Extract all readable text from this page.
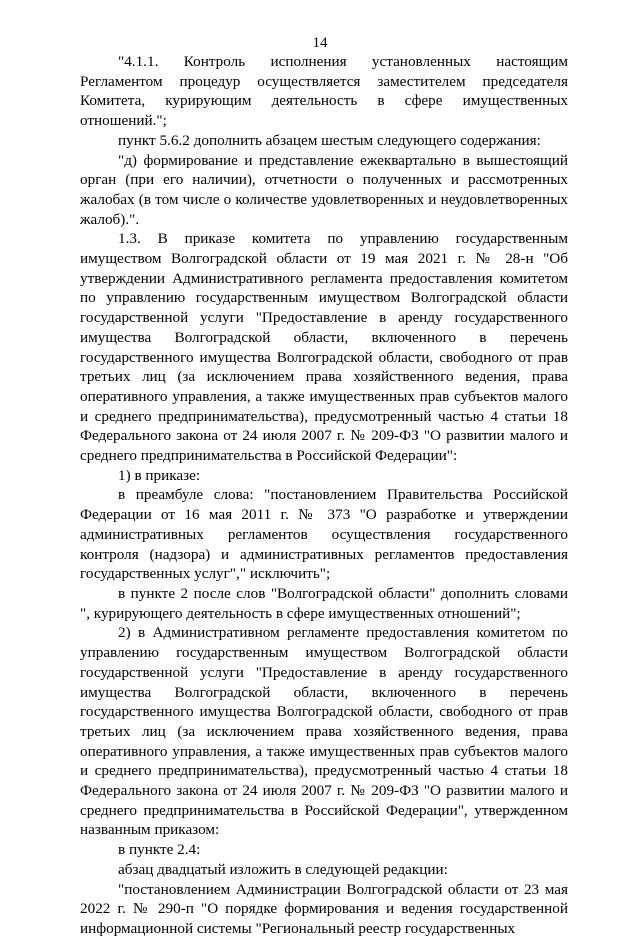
14

"4.1.1. Контроль исполнения установленных настоящим Регламентом процедур осуществляется заместителем председателя Комитета, курирующим деятельность в сфере имущественных отношений.";

пункт 5.6.2 дополнить абзацем шестым следующего содержания:

"д) формирование и представление ежеквартально в вышестоящий орган (при его наличии), отчетности о полученных и рассмотренных жалобах (в том числе о количестве удовлетворенных и неудовлетворенных жалоб).".

1.3. В приказе комитета по управлению государственным имуществом Волгоградской области от 19 мая 2021 г. № 28-н "Об утверждении Административного регламента предоставления комитетом по управлению государственным имуществом Волгоградской области государственной услуги "Предоставление в аренду государственного имущества Волгоградской области, включенного в перечень государственного имущества Волгоградской области, свободного от прав третьих лиц (за исключением права хозяйственного ведения, права оперативного управления, а также имущественных прав субъектов малого и среднего предпринимательства), предусмотренный частью 4 статьи 18 Федерального закона от 24 июля 2007 г. № 209-ФЗ "О развитии малого и среднего предпринимательства в Российской Федерации":

1) в приказе:

в преамбуле слова: "постановлением Правительства Российской Федерации от 16 мая 2011 г. № 373 "О разработке и утверждении административных регламентов осуществления государственного контроля (надзора) и административных регламентов предоставления государственных услуг"," исключить";

в пункте 2 после слов "Волгоградской области" дополнить словами ", курирующего деятельность в сфере имущественных отношений";

2) в Административном регламенте предоставления комитетом по управлению государственным имуществом Волгоградской области государственной услуги "Предоставление в аренду государственного имущества Волгоградской области, включенного в перечень государственного имущества Волгоградской области, свободного от прав третьих лиц (за исключением права хозяйственного ведения, права оперативного управления, а также имущественных прав субъектов малого и среднего предпринимательства), предусмотренный частью 4 статьи 18 Федерального закона от 24 июля 2007 г. № 209-ФЗ "О развитии малого и среднего предпринимательства в Российской Федерации", утвержденном названным приказом:

в пункте 2.4:

абзац двадцатый изложить в следующей редакции:

"постановлением Администрации Волгоградской области от 23 мая 2022 г. № 290-п "О порядке формирования и ведения государственной информационной системы "Региональный реестр государственных
